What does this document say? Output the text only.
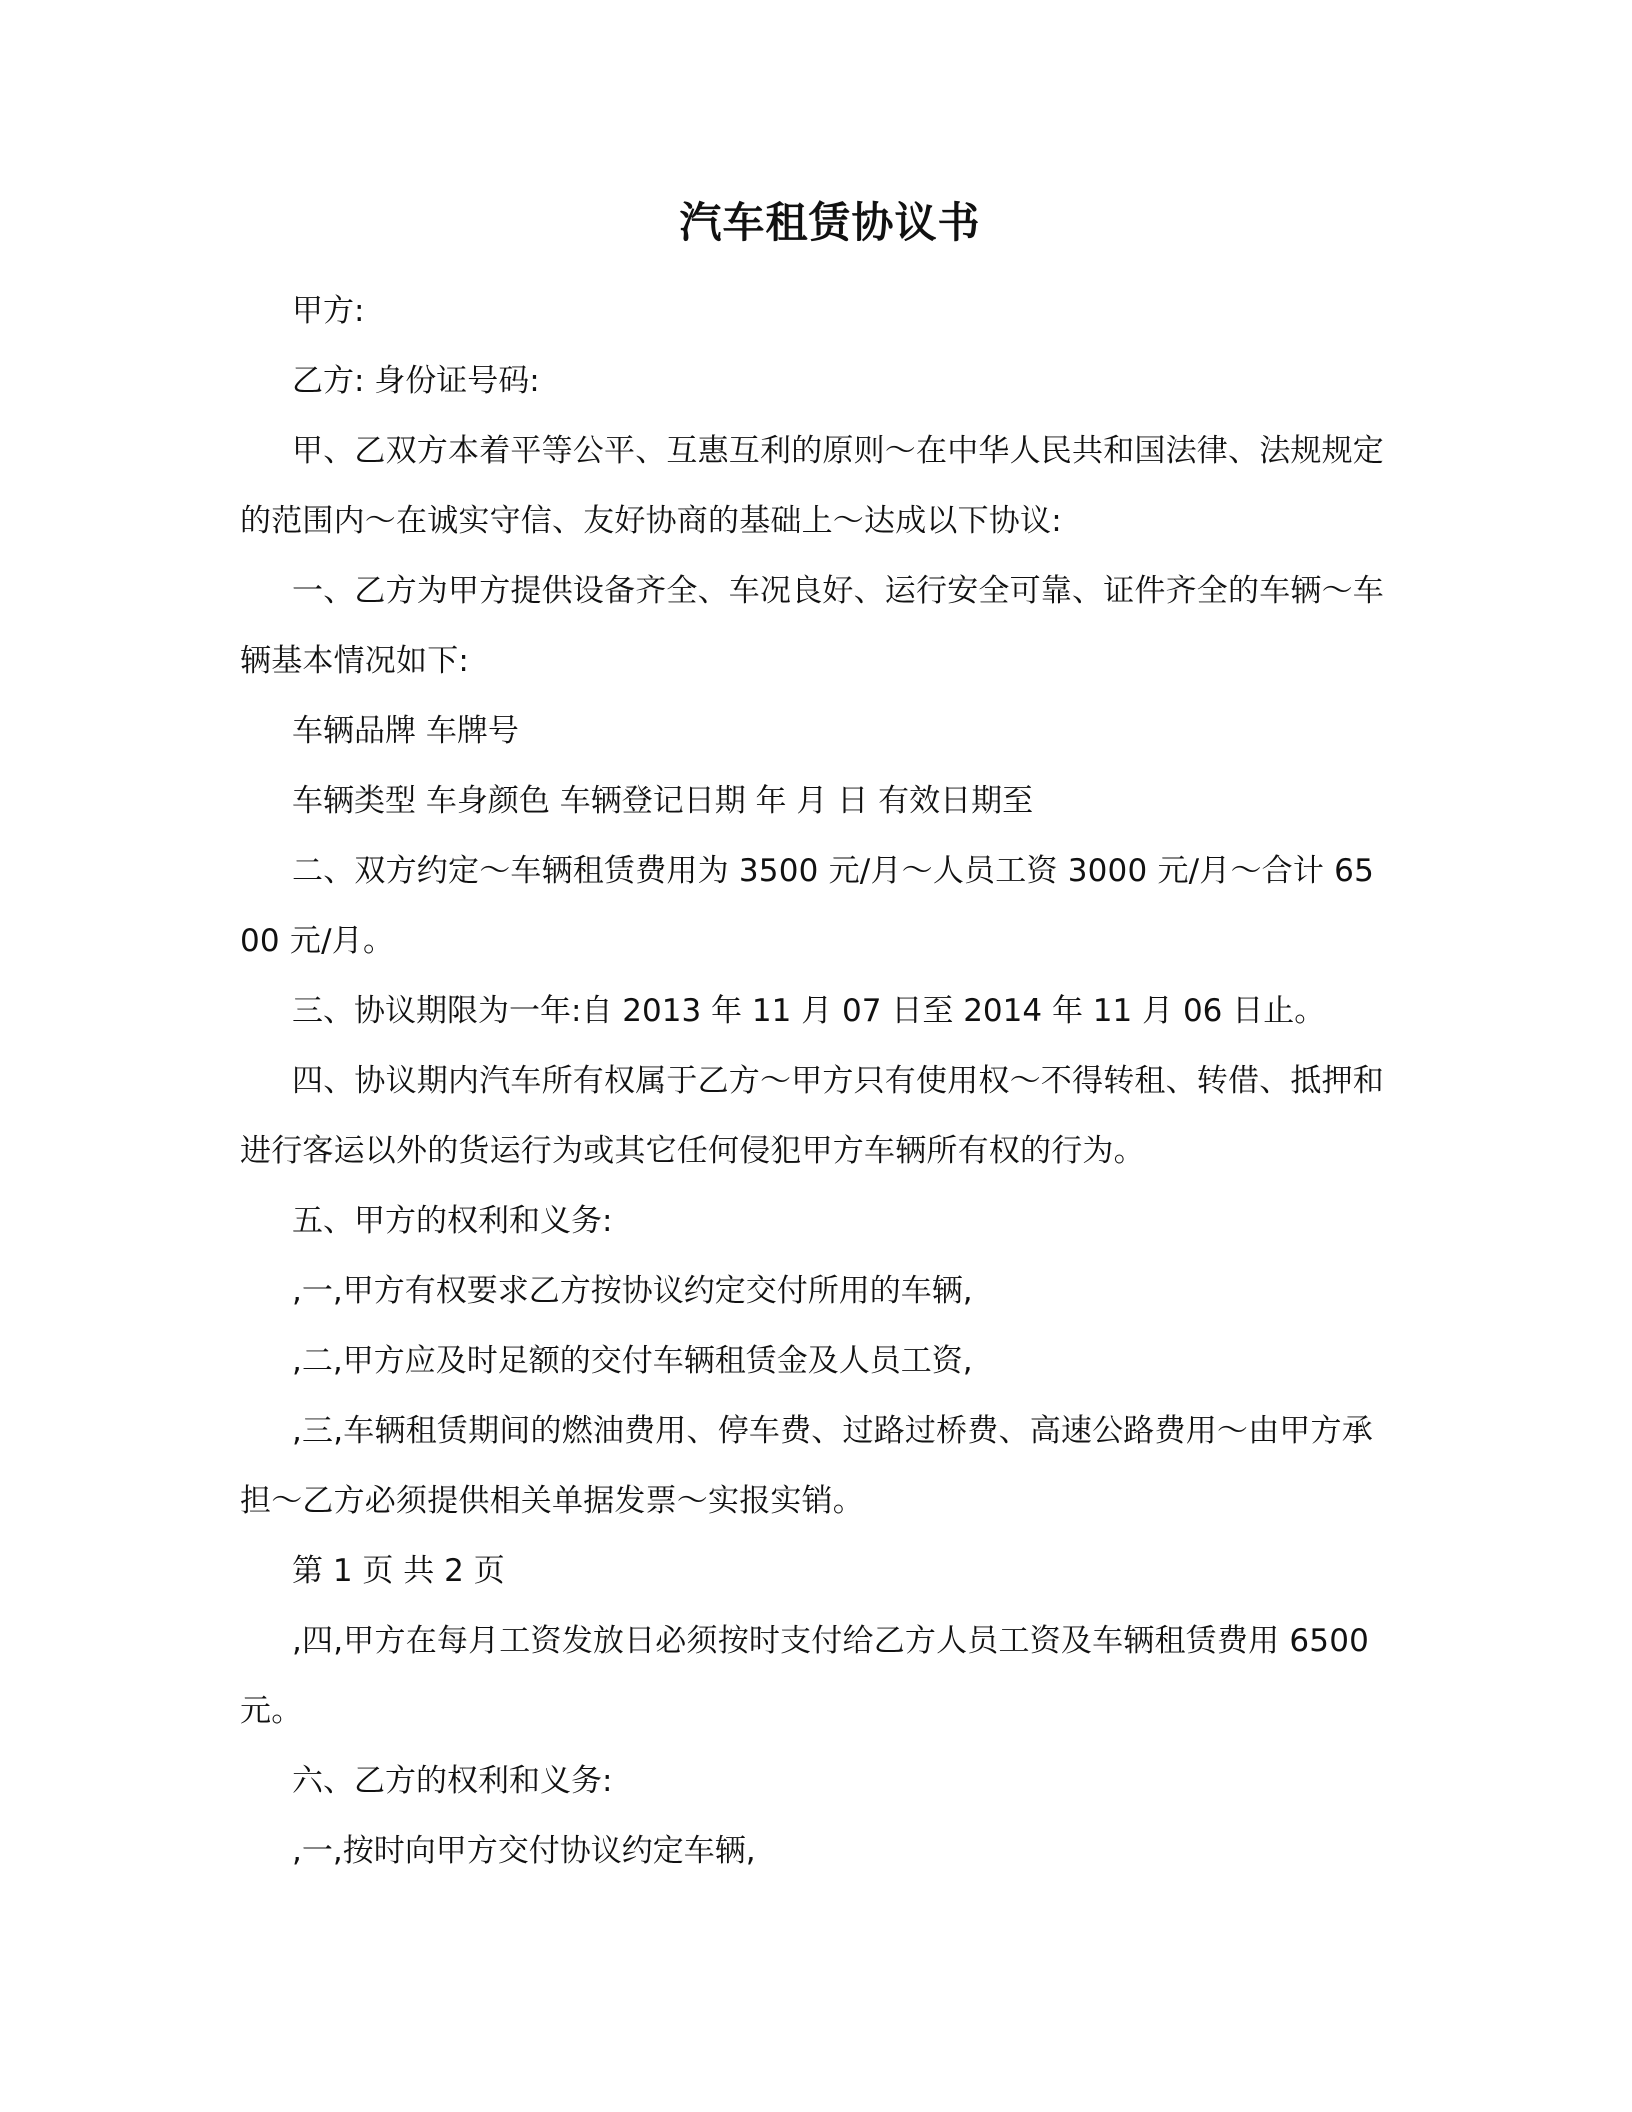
汽车租赁协议书

甲方:

乙方: 身份证号码:

甲、乙双方本着平等公平、互惠互利的原则～在中华人民共和国法律、法规规定的范围内～在诚实守信、友好协商的基础上～达成以下协议:

一、乙方为甲方提供设备齐全、车况良好、运行安全可靠、证件齐全的车辆～车辆基本情况如下:

车辆品牌 车牌号

车辆类型 车身颜色 车辆登记日期 年 月 日 有效日期至

二、双方约定～车辆租赁费用为 3500 元/月～人员工资 3000 元/月～合计 6500 元/月。

三、协议期限为一年:自 2013 年 11 月 07 日至 2014 年 11 月 06 日止。

四、协议期内汽车所有权属于乙方～甲方只有使用权～不得转租、转借、抵押和进行客运以外的货运行为或其它任何侵犯甲方车辆所有权的行为。

五、甲方的权利和义务:

,一,甲方有权要求乙方按协议约定交付所用的车辆,

,二,甲方应及时足额的交付车辆租赁金及人员工资,

,三,车辆租赁期间的燃油费用、停车费、过路过桥费、高速公路费用～由甲方承担～乙方必须提供相关单据发票～实报实销。

第 1 页 共 2 页

,四,甲方在每月工资发放日必须按时支付给乙方人员工资及车辆租赁费用 6500 元。

六、乙方的权利和义务:

,一,按时向甲方交付协议约定车辆,
